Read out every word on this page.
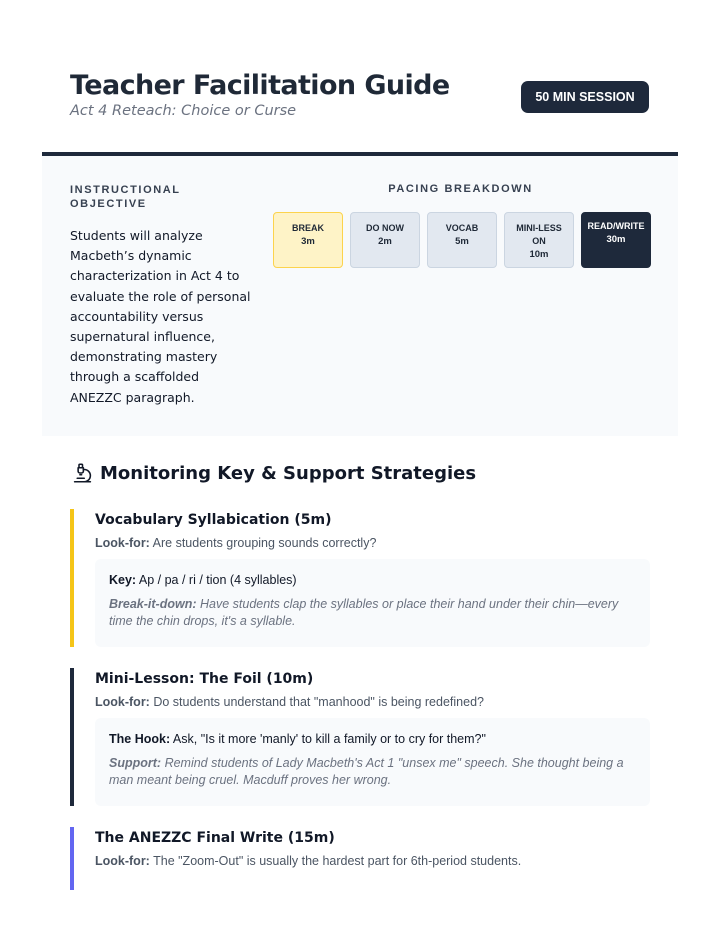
Teacher Facilitation Guide
Act 4 Reteach: Choice or Curse
50 MIN SESSION
INSTRUCTIONAL OBJECTIVE
Students will analyze Macbeth’s dynamic characterization in Act 4 to evaluate the role of personal accountability versus supernatural influence, demonstrating mastery through a scaffolded ANEZZC paragraph.
PACING BREAKDOWN
BREAK

3m
DO NOW

2m
VOCAB

5m
MINI-LESSON

10m
READ/WRITE

30m
Monitoring Key & Support Strategies
Vocabulary Syllabication (5m)
Look-for: Are students grouping sounds correctly?
Key: Ap / pa / ri / tion (4 syllables)
Break-it-down: Have students clap the syllables or place their hand under their chin—every time the chin drops, it's a syllable.
Mini-Lesson: The Foil (10m)
Look-for: Do students understand that "manhood" is being redefined?
The Hook: Ask, "Is it more 'manly' to kill a family or to cry for them?"
Support: Remind students of Lady Macbeth's Act 1 "unsex me" speech. She thought being a man meant being cruel. Macduff proves her wrong.
The ANEZZC Final Write (15m)
Look-for: The "Zoom-Out" is usually the hardest part for 6th-period students.
